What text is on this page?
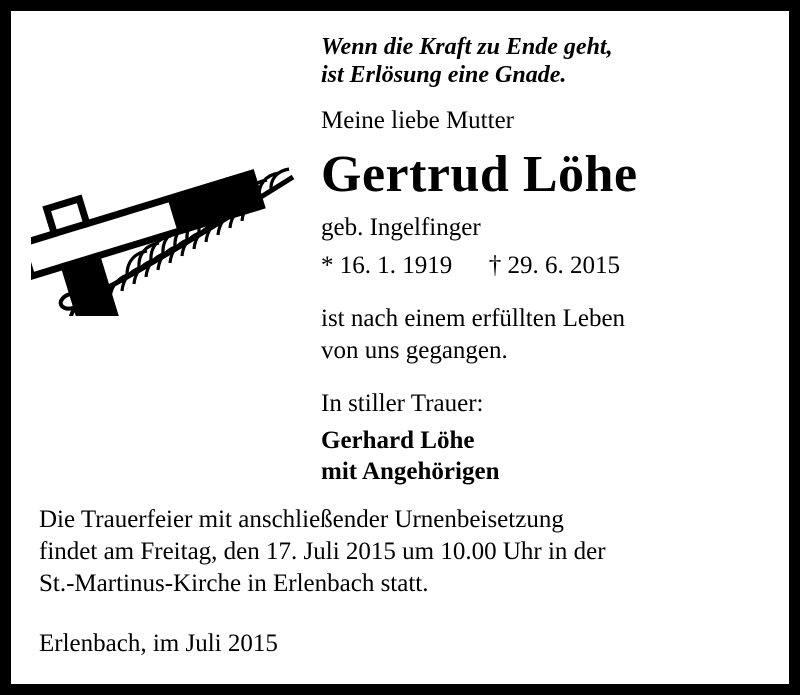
Wenn die Kraft zu Ende geht,
ist Erlösung eine Gnade.
Meine liebe Mutter
Gertrud Löhe
geb. Ingelfinger
* 16. 1. 1919 † 29. 6. 2015
ist nach einem erfüllten Leben
von uns gegangen.
In stiller Trauer:
Gerhard Löhe
mit Angehörigen
Die Trauerfeier mit anschließender Urnenbeisetzung
findet am Freitag, den 17. Juli 2015 um 10.00 Uhr in der
St.-Martinus-Kirche in Erlenbach statt.
Erlenbach, im Juli 2015
